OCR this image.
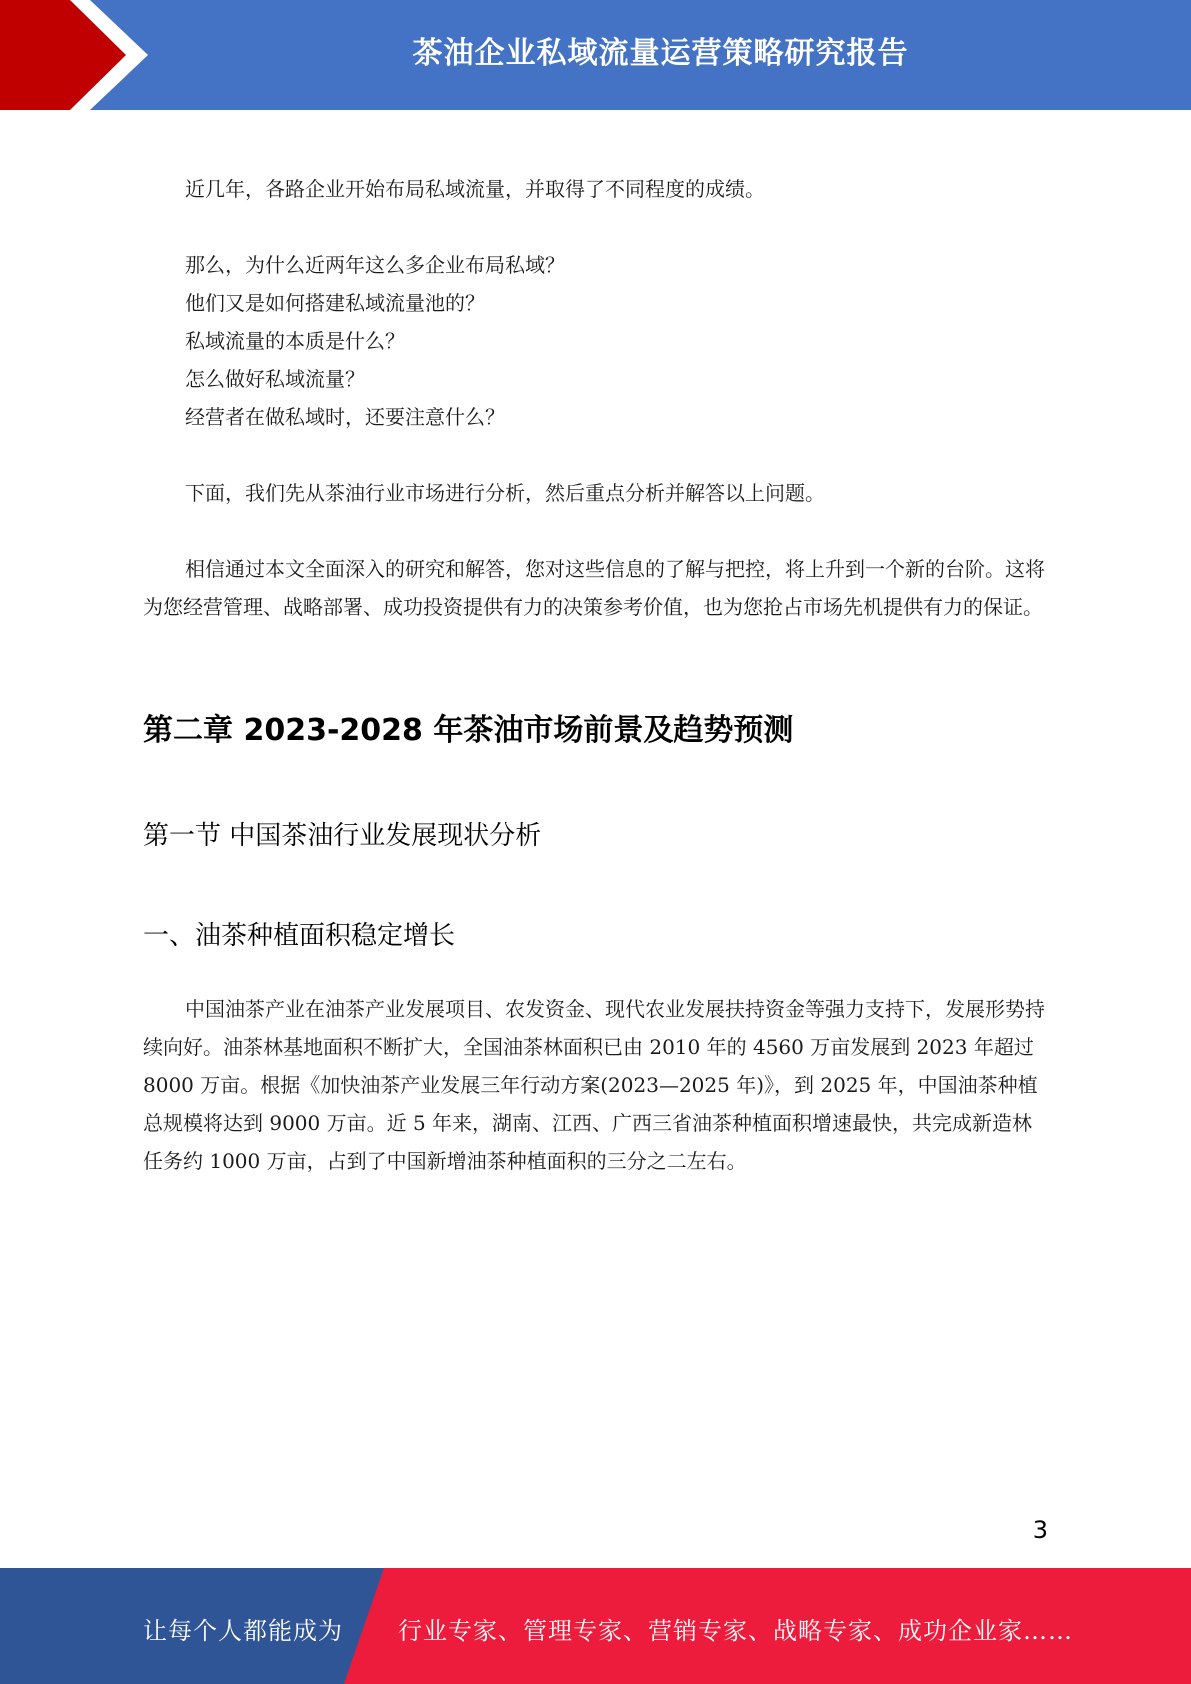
茶油企业私域流量运营策略研究报告

近几年，各路企业开始布局私域流量，并取得了不同程度的成绩。

那么，为什么近两年这么多企业布局私域？

他们又是如何搭建私域流量池的？

私域流量的本质是什么？

怎么做好私域流量？

经营者在做私域时，还要注意什么？

下面，我们先从茶油行业市场进行分析，然后重点分析并解答以上问题。

相信通过本文全面深入的研究和解答，您对这些信息的了解与把控，将上升到一个新的台阶。这将为您经营管理、战略部署、成功投资提供有力的决策参考价值，也为您抢占市场先机提供有力的保证。

第二章 2023-2028 年茶油市场前景及趋势预测
第一节 中国茶油行业发展现状分析
一、油茶种植面积稳定增长

中国油茶产业在油茶产业发展项目、农发资金、现代农业发展扶持资金等强力支持下，发展形势持续向好。油茶林基地面积不断扩大，全国油茶林面积已由 2010 年的 4560 万亩发展到 2023 年超过 8000 万亩。根据《加快油茶产业发展三年行动方案(2023—2025 年)》，到 2025 年，中国油茶种植总规模将达到 9000 万亩。近 5 年来，湖南、江西、广西三省油茶种植面积增速最快，共完成新造林任务约 1000 万亩，占到了中国新增油茶种植面积的三分之二左右。

3
让每个人都能成为 行业专家、管理专家、营销专家、战略专家、成功企业家……
